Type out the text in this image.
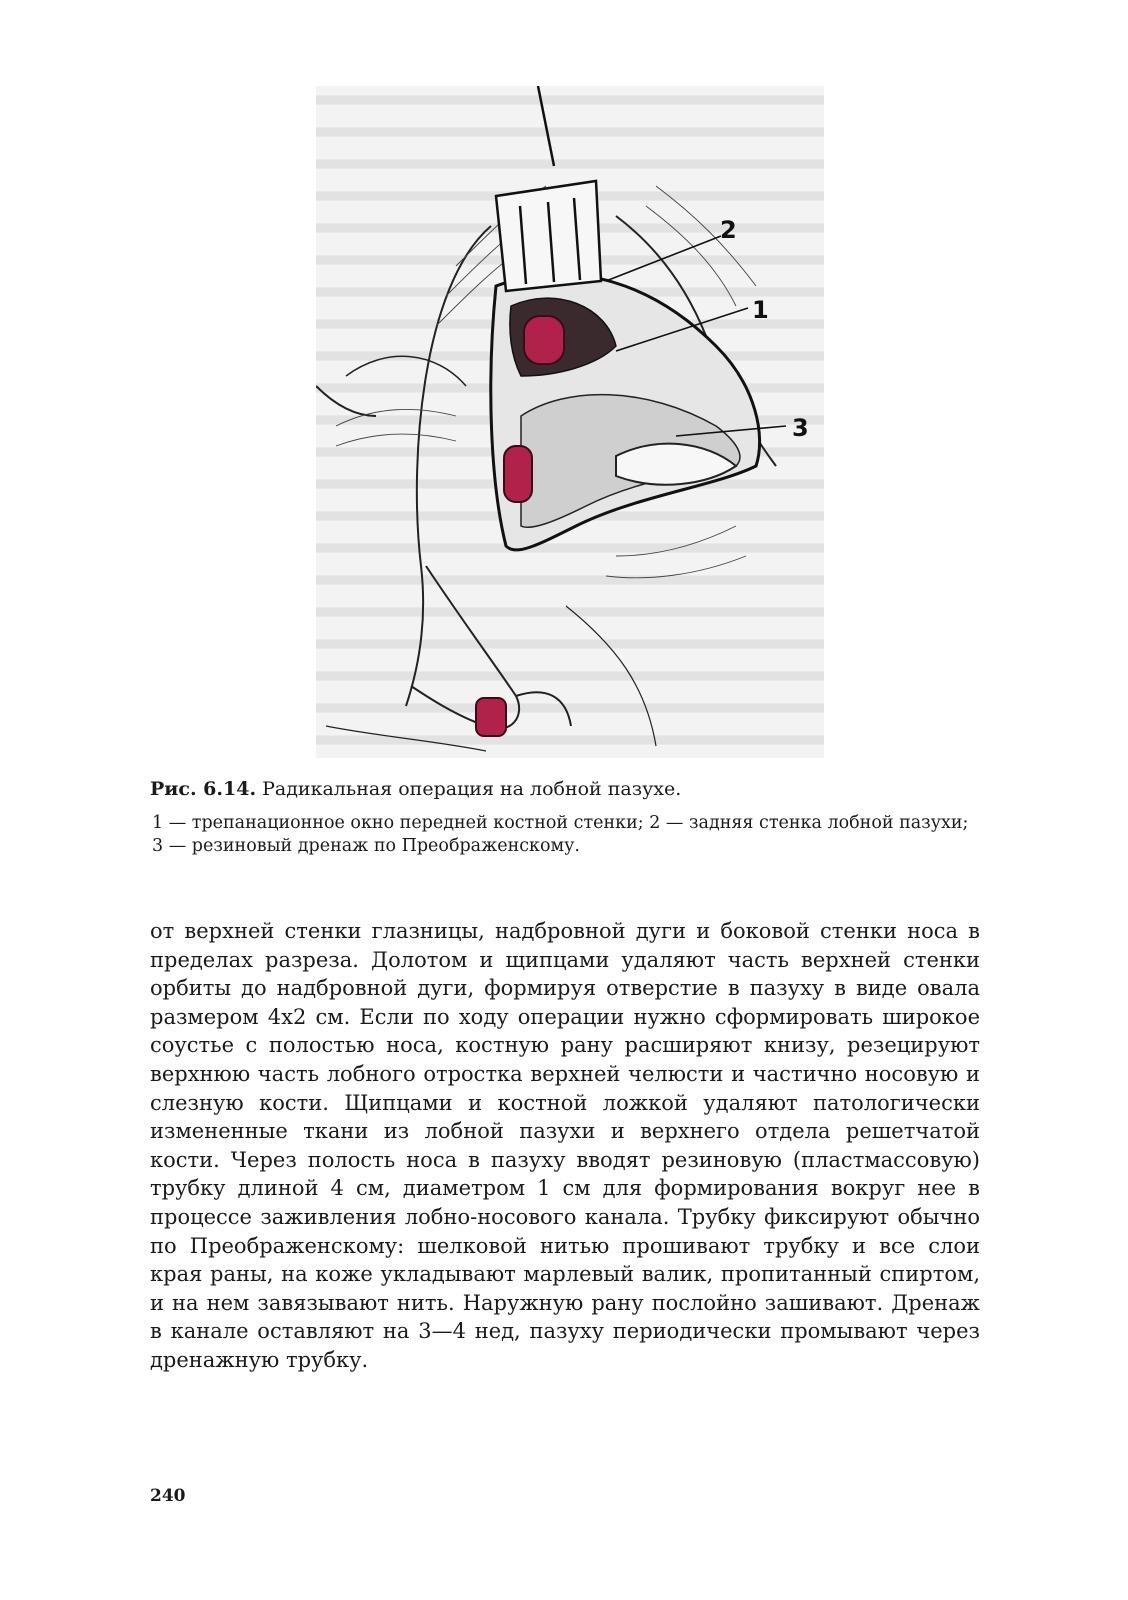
2
1
3

Рис. 6.14. Радикальная операция на лобной пазухе.

1 — трепанационное окно передней костной стенки; 2 — задняя стенка лобной пазухи; 3 — резиновый дренаж по Преображенскому.

от верхней стенки глазницы, надбровной дуги и боковой стенки носа в пределах разреза. Долотом и щипцами удаляют часть верхней стенки орбиты до надбровной дуги, формируя отверстие в пазуху в виде овала размером 4х2 см. Если по ходу операции нужно сформировать широкое соустье с полостью носа, костную рану расширяют книзу, резецируют верхнюю часть лобного отростка верхней челюсти и частично носовую и слезную кости. Щипцами и костной ложкой удаляют патологически измененные ткани из лобной пазухи и верхнего отдела решетчатой кости. Через полость носа в пазуху вводят резиновую (пластмассовую) трубку длиной 4 см, диаметром 1 см для формирования вокруг нее в процессе заживления лобно-носового канала. Трубку фиксируют обычно по Преображенскому: шелковой нитью прошивают трубку и все слои края раны, на коже укладывают марлевый валик, пропитанный спиртом, и на нем завязывают нить. Наружную рану послойно зашивают. Дренаж в канале оставляют на 3—4 нед, пазуху периодически промывают через дренажную трубку.

240
